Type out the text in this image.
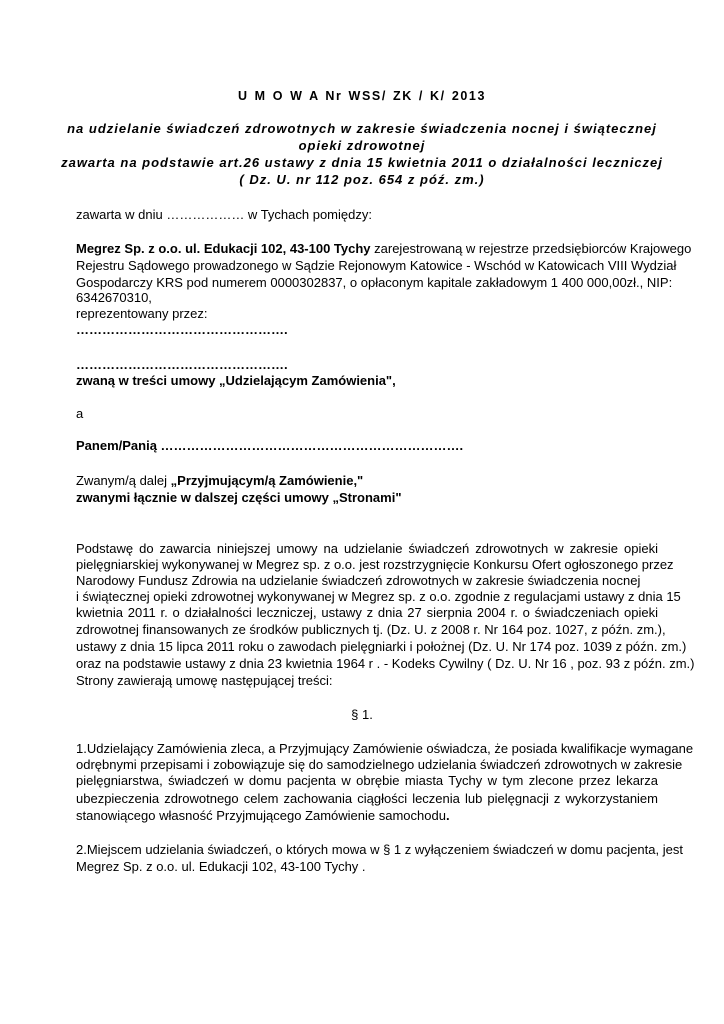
U M O W A Nr WSS/ ZK / K/ 2013

na udzielanie świadczeń zdrowotnych w zakresie świadczenia nocnej i świątecznej

opieki zdrowotnej

zawarta na podstawie art.26 ustawy z dnia 15 kwietnia 2011 o działalności leczniczej

( Dz. U. nr 112 poz. 654 z póź. zm.)

zawarta w dniu ……………… w Tychach pomiędzy:

Megrez Sp. z o.o. ul. Edukacji 102, 43-100 Tychy zarejestrowaną w rejestrze przedsiębiorców Krajowego

Rejestru Sądowego prowadzonego w Sądzie Rejonowym Katowice - Wschód w Katowicach VIII Wydział

Gospodarczy KRS pod numerem 0000302837, o opłaconym kapitale zakładowym 1 400 000,00zł., NIP:

6342670310,

reprezentowany przez:

………………………………………….

………………………………………….

zwaną w treści umowy „Udzielającym Zamówienia",

a

Panem/Panią …………………………………………………………….

Zwanym/ą dalej „Przyjmującym/ą Zamówienie,"

zwanymi łącznie w dalszej części umowy „Stronami"

Podstawę do zawarcia niniejszej umowy na udzielanie świadczeń zdrowotnych w zakresie opieki

pielęgniarskiej wykonywanej w Megrez sp. z o.o. jest rozstrzygnięcie Konkursu Ofert ogłoszonego przez

Narodowy Fundusz Zdrowia na udzielanie świadczeń zdrowotnych w zakresie świadczenia nocnej

i świątecznej opieki zdrowotnej wykonywanej w Megrez sp. z o.o. zgodnie z regulacjami ustawy z dnia 15

kwietnia 2011 r. o działalności leczniczej, ustawy z dnia 27 sierpnia 2004 r. o świadczeniach opieki

zdrowotnej finansowanych ze środków publicznych tj. (Dz. U. z 2008 r. Nr 164 poz. 1027, z późn. zm.),

ustawy z dnia 15 lipca 2011 roku o zawodach pielęgniarki i położnej (Dz. U. Nr 174 poz. 1039 z późn. zm.)

oraz na podstawie ustawy z dnia 23 kwietnia 1964 r . - Kodeks Cywilny ( Dz. U. Nr 16 , poz. 93 z późn. zm.)

Strony zawierają umowę następującej treści:

§ 1.

1.Udzielający Zamówienia zleca, a Przyjmujący Zamówienie oświadcza, że posiada kwalifikacje wymagane

odrębnymi przepisami i zobowiązuje się do samodzielnego udzielania świadczeń zdrowotnych w zakresie

pielęgniarstwa, świadczeń w domu pacjenta w obrębie miasta Tychy w tym zlecone przez lekarza

ubezpieczenia zdrowotnego celem zachowania ciągłości leczenia lub pielęgnacji z wykorzystaniem

stanowiącego własność Przyjmującego Zamówienie samochodu.

2.Miejscem udzielania świadczeń, o których mowa w § 1 z wyłączeniem świadczeń w domu pacjenta, jest

Megrez Sp. z o.o. ul. Edukacji 102, 43-100 Tychy .
